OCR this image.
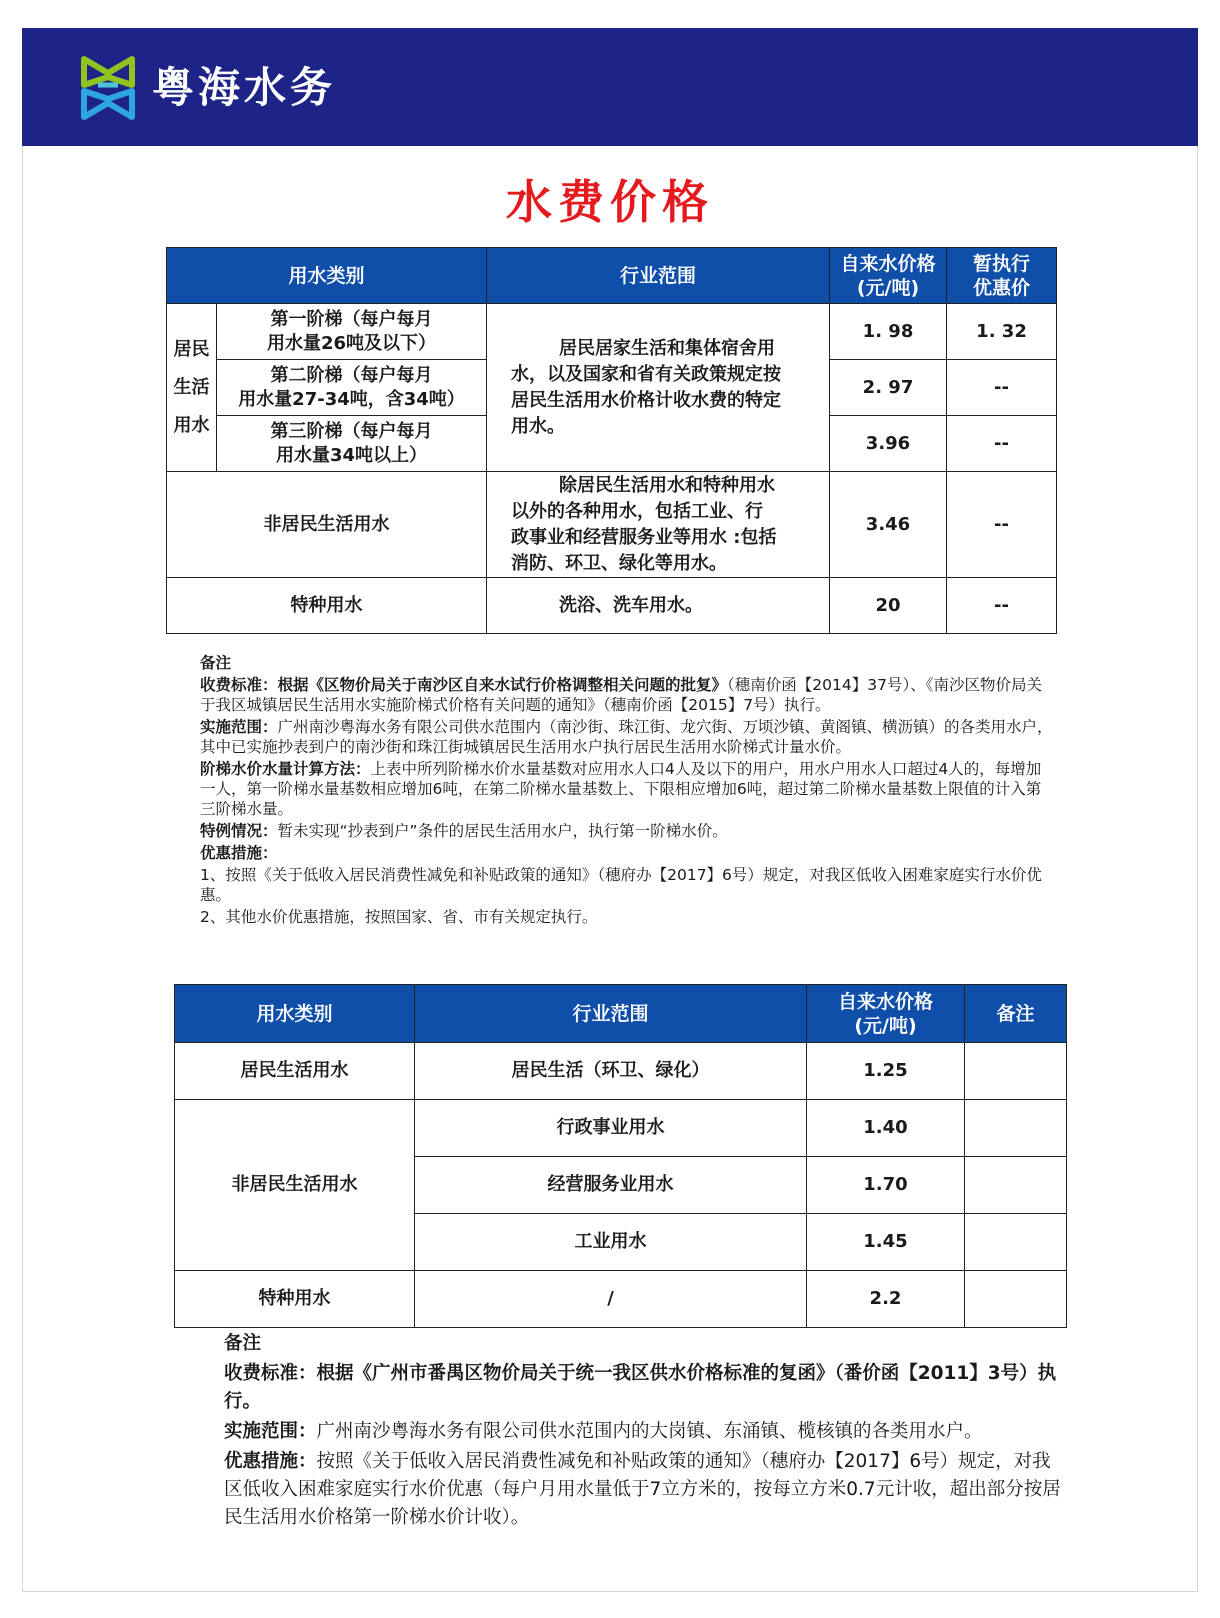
粤海水务
水费价格
用水类别		行业范围	自来水价格
(元/吨)	暂执行
优惠价
居民
生活
用水	第一阶梯（每户每月
用水量26吨及以下）	居民居家生活和集体宿舍用
水，以及国家和省有关政策规定按
居民生活用水价格计收水费的特定
用水。	1. 98	1. 32
	第二阶梯（每户每月
用水量27-34吨，含34吨）		2. 97	--
	第三阶梯（每户每月
用水量34吨以上）		3.96	--
非居民生活用水		除居民生活用水和特种用水
以外的各种用水，包括工业、行
政事业和经营服务业等用水 :包括
消防、环卫、绿化等用水。	3.46	--
特种用水		洗浴、洗车用水。	20	--

备注

收费标准：根据《区物价局关于南沙区自来水试行价格调整相关问题的批复》（穗南价函【2014】37号）、《南沙区物价局关于我区城镇居民生活用水实施阶梯式价格有关问题的通知》（穗南价函【2015】7号）执行。

实施范围：广州南沙粤海水务有限公司供水范围内（南沙街、珠江街、龙穴街、万顷沙镇、黄阁镇、横沥镇）的各类用水户，其中已实施抄表到户的南沙街和珠江街城镇居民生活用水户执行居民生活用水阶梯式计量水价。

阶梯水价水量计算方法：上表中所列阶梯水价水量基数对应用水人口4人及以下的用户，用水户用水人口超过4人的，每增加一人，第一阶梯水量基数相应增加6吨，在第二阶梯水量基数上、下限相应增加6吨，超过第二阶梯水量基数上限值的计入第三阶梯水量。

特例情况：暂未实现“抄表到户”条件的居民生活用水户，执行第一阶梯水价。

优惠措施：

1、按照《关于低收入居民消费性减免和补贴政策的通知》（穗府办【2017】6号）规定，对我区低收入困难家庭实行水价优惠。

2、其他水价优惠措施，按照国家、省、市有关规定执行。

用水类别	行业范围	自来水价格
(元/吨)	备注
居民生活用水	居民生活（环卫、绿化）	1.25	
非居民生活用水	行政事业用水	1.40	
	经营服务业用水	1.70	
	工业用水	1.45	
特种用水	/	2.2	

备注

收费标准：根据《广州市番禺区物价局关于统一我区供水价格标准的复函》（番价函【2011】3号）执行。

实施范围：广州南沙粤海水务有限公司供水范围内的大岗镇、东涌镇、榄核镇的各类用水户。

优惠措施：按照《关于低收入居民消费性减免和补贴政策的通知》（穗府办【2017】6号）规定，对我区低收入困难家庭实行水价优惠（每户月用水量低于7立方米的，按每立方米0.7元计收，超出部分按居民生活用水价格第一阶梯水价计收）。
